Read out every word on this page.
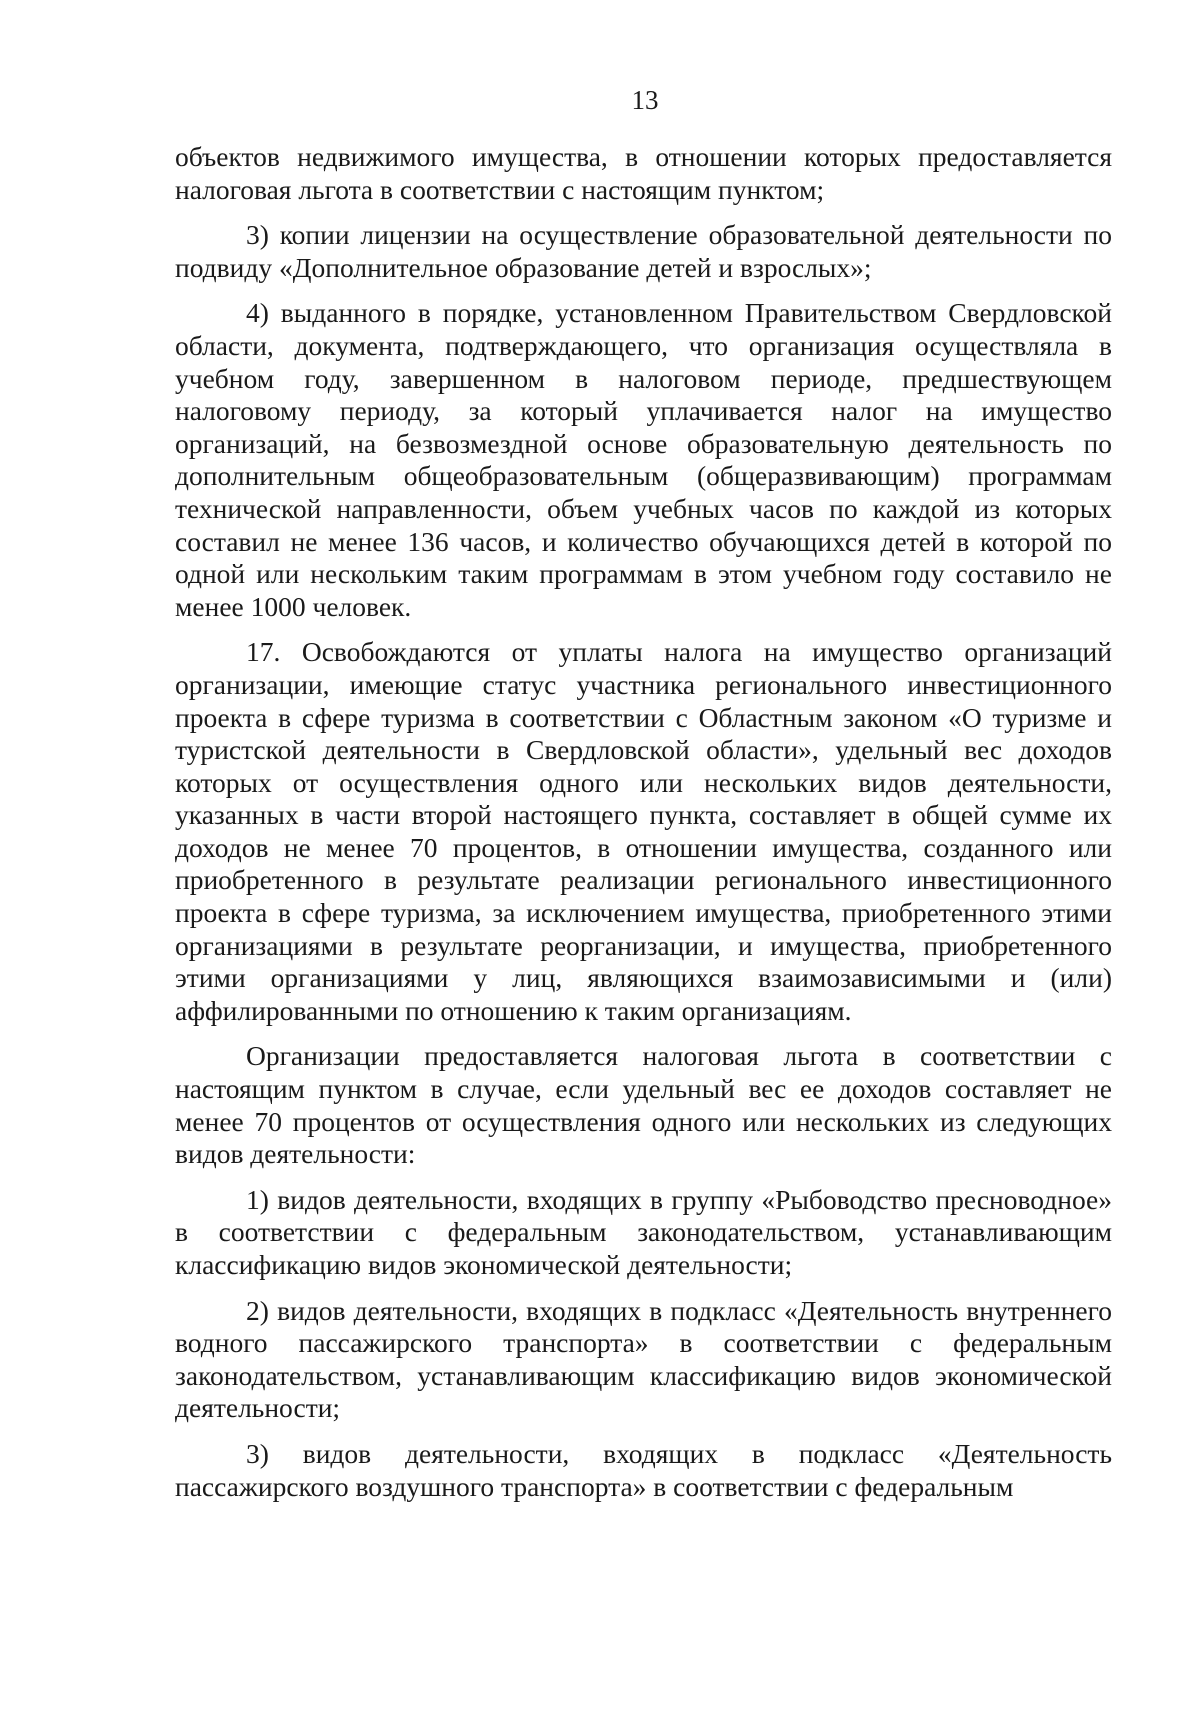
13

объектов недвижимого имущества, в отношении которых предоставляется налоговая льгота в соответствии с настоящим пунктом;

3) копии лицензии на осуществление образовательной деятельности по подвиду «Дополнительное образование детей и взрослых»;

4) выданного в порядке, установленном Правительством Свердловской области, документа, подтверждающего, что организация осуществляла в учебном году, завершенном в налоговом периоде, предшествующем налоговому периоду, за который уплачивается налог на имущество организаций, на безвозмездной основе образовательную деятельность по дополнительным общеобразовательным (общеразвивающим) программам технической направленности, объем учебных часов по каждой из которых составил не менее 136 часов, и количество обучающихся детей в которой по одной или нескольким таким программам в этом учебном году составило не менее 1000 человек.

17. Освобождаются от уплаты налога на имущество организаций организации, имеющие статус участника регионального инвестиционного проекта в сфере туризма в соответствии с Областным законом «О туризме и туристской деятельности в Свердловской области», удельный вес доходов которых от осуществления одного или нескольких видов деятельности, указанных в части второй настоящего пункта, составляет в общей сумме их доходов не менее 70 процентов, в отношении имущества, созданного или приобретенного в результате реализации регионального инвестиционного проекта в сфере туризма, за исключением имущества, приобретенного этими организациями в результате реорганизации, и имущества, приобретенного этими организациями у лиц, являющихся взаимозависимыми и (или) аффилированными по отношению к таким организациям.

Организации предоставляется налоговая льгота в соответствии с настоящим пунктом в случае, если удельный вес ее доходов составляет не менее 70 процентов от осуществления одного или нескольких из следующих видов деятельности:

1) видов деятельности, входящих в группу «Рыбоводство пресноводное» в соответствии с федеральным законодательством, устанавливающим классификацию видов экономической деятельности;

2) видов деятельности, входящих в подкласс «Деятельность внутреннего водного пассажирского транспорта» в соответствии с федеральным законодательством, устанавливающим классификацию видов экономической деятельности;

3) видов деятельности, входящих в подкласс «Деятельность пассажирского воздушного транспорта» в соответствии с федеральным
